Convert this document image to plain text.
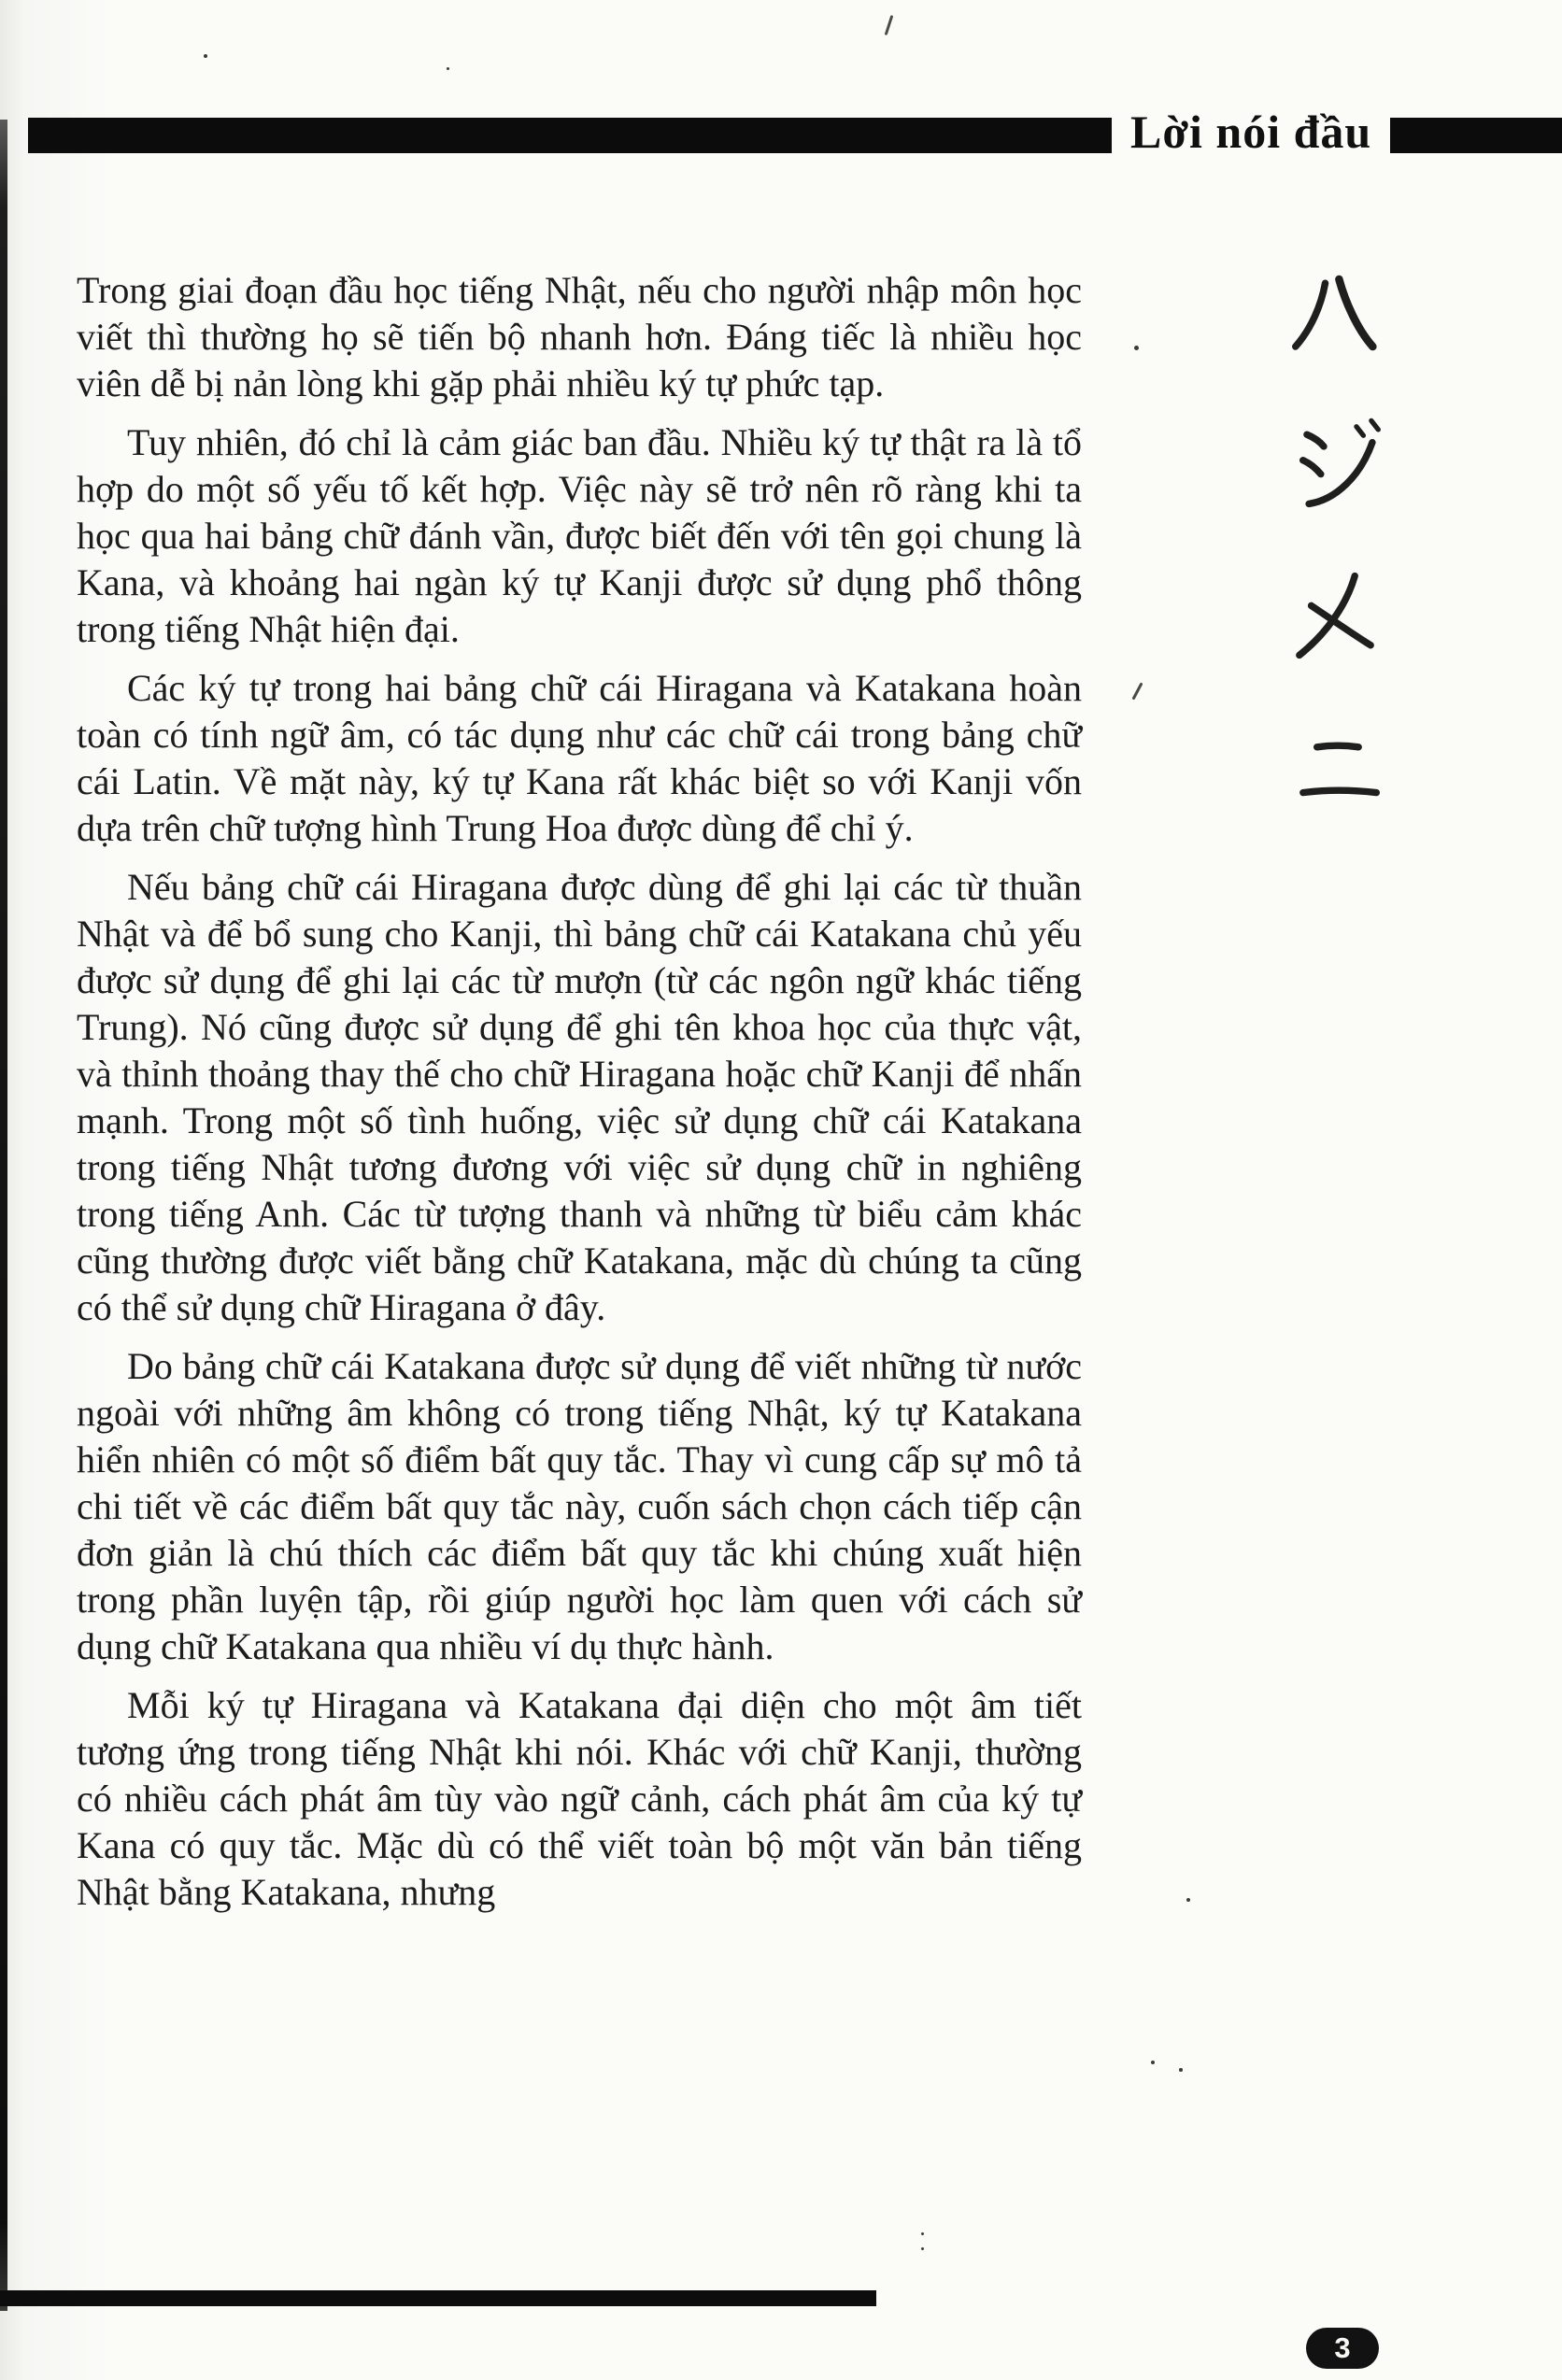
Lời nói đầu

Trong giai đoạn đầu học tiếng Nhật, nếu cho người nhập môn học viết thì thường họ sẽ tiến bộ nhanh hơn. Đáng tiếc là nhiều học viên dễ bị nản lòng khi gặp phải nhiều ký tự phức tạp.

Tuy nhiên, đó chỉ là cảm giác ban đầu. Nhiều ký tự thật ra là tổ hợp do một số yếu tố kết hợp. Việc này sẽ trở nên rõ ràng khi ta học qua hai bảng chữ đánh vần, được biết đến với tên gọi chung là Kana, và khoảng hai ngàn ký tự Kanji được sử dụng phổ thông trong tiếng Nhật hiện đại.

Các ký tự trong hai bảng chữ cái Hiragana và Katakana hoàn toàn có tính ngữ âm, có tác dụng như các chữ cái trong bảng chữ cái Latin. Về mặt này, ký tự Kana rất khác biệt so với Kanji vốn dựa trên chữ tượng hình Trung Hoa được dùng để chỉ ý.

Nếu bảng chữ cái Hiragana được dùng để ghi lại các từ thuần Nhật và để bổ sung cho Kanji, thì bảng chữ cái Katakana chủ yếu được sử dụng để ghi lại các từ mượn (từ các ngôn ngữ khác tiếng Trung). Nó cũng được sử dụng để ghi tên khoa học của thực vật, và thỉnh thoảng thay thế cho chữ Hiragana hoặc chữ Kanji để nhấn mạnh. Trong một số tình huống, việc sử dụng chữ cái Katakana trong tiếng Nhật tương đương với việc sử dụng chữ in nghiêng trong tiếng Anh. Các từ tượng thanh và những từ biểu cảm khác cũng thường được viết bằng chữ Katakana, mặc dù chúng ta cũng có thể sử dụng chữ Hiragana ở đây.

Do bảng chữ cái Katakana được sử dụng để viết những từ nước ngoài với những âm không có trong tiếng Nhật, ký tự Katakana hiển nhiên có một số điểm bất quy tắc. Thay vì cung cấp sự mô tả chi tiết về các điểm bất quy tắc này, cuốn sách chọn cách tiếp cận đơn giản là chú thích các điểm bất quy tắc khi chúng xuất hiện trong phần luyện tập, rồi giúp người học làm quen với cách sử dụng chữ Katakana qua nhiều ví dụ thực hành.

Mỗi ký tự Hiragana và Katakana đại diện cho một âm tiết tương ứng trong tiếng Nhật khi nói. Khác với chữ Kanji, thường có nhiều cách phát âm tùy vào ngữ cảnh, cách phát âm của ký tự Kana có quy tắc. Mặc dù có thể viết toàn bộ một văn bản tiếng Nhật bằng Katakana, nhưng

3
